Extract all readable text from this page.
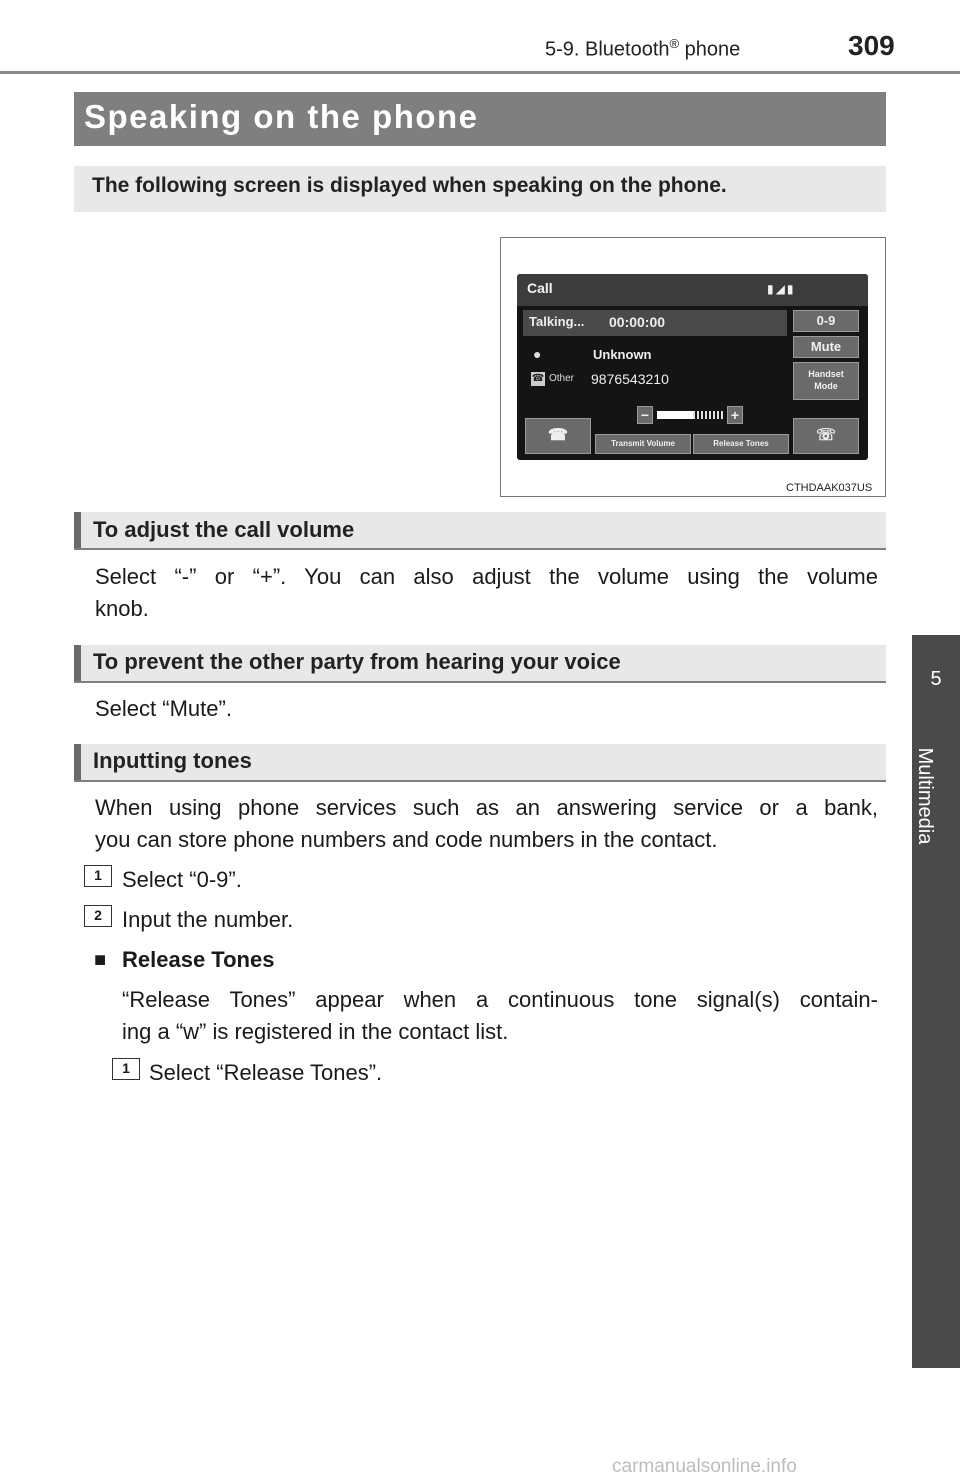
5-9. Bluetooth® phone	309
5
Multimedia
Speaking on the phone
The following screen is displayed when speaking on the phone.
Call	▮◢▮
Talking... 00:00:00
●	Unknown
☎ Other 9876543210
0-9
Mute
Handset
Mode
−	+
☎	Transmit Volume	Release Tones	☏
CTHDAAK037US
To adjust the call volume
Select “-” or “+”. You can also adjust the volume using the volume
knob.
To prevent the other party from hearing your voice
Select “Mute”.
Inputting tones
When using phone services such as an answering service or a bank,
you can store phone numbers and code numbers in the contact.
1 Select “0-9”.
2 Input the number.
■ Release Tones
“Release Tones” appear when a continuous tone signal(s) contain-
ing a “w” is registered in the contact list.
1 Select “Release Tones”.
carmanualsonline.info
